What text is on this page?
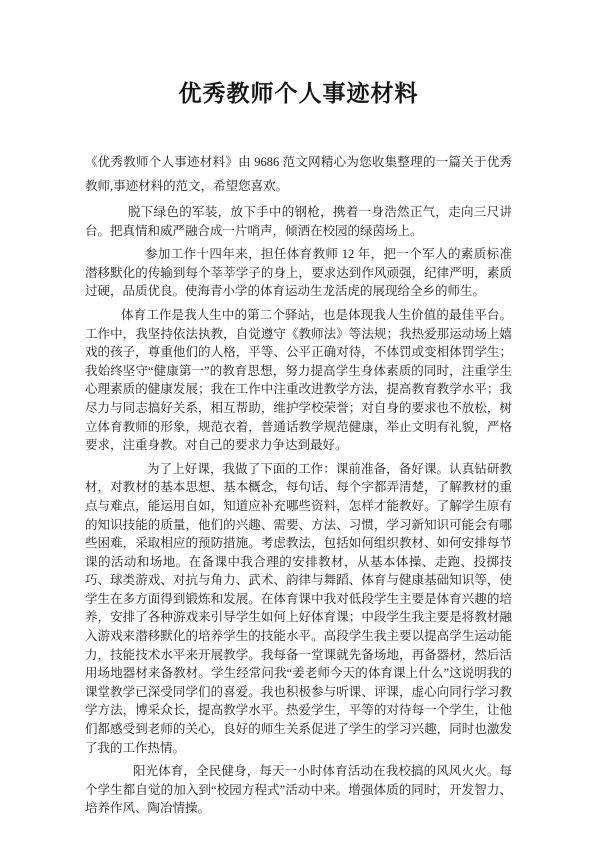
优秀教师个人事迹材料

《优秀教师个人事迹材料》由 9686 范文网精心为您收集整理的一篇关于优秀教师,事迹材料的范文，希望您喜欢。

脱下绿色的军装，放下手中的钢枪，携着一身浩然正气，走向三尺讲台。把真情和威严融合成一片哨声，倾洒在校园的绿茵场上。

参加工作十四年来，担任体育教师 12 年，把一个军人的素质标准潜移默化的传输到每个莘莘学子的身上，要求达到作风顽强，纪律严明，素质过硬，品质优良。使海青小学的体育运动生龙活虎的展现给全乡的师生。

体育工作是我人生中的第二个驿站，也是体现我人生价值的最佳平台。工作中，我坚持依法执教，自觉遵守《教师法》等法规；我热爱那运动场上嬉戏的孩子，尊重他们的人格，平等、公平正确对待，不体罚或变相体罚学生；我始终坚守“健康第一”的教育思想，努力提高学生身体素质的同时，注重学生心理素质的健康发展；我在工作中注重改进教学方法，提高教育教学水平；我尽力与同志搞好关系，相互帮助，维护学校荣誉；对自身的要求也不放松，树立体育教师的形象，规范衣着，普通话教学规范健康，举止文明有礼貌，严格要求，注重身教。对自己的要求力争达到最好。

为了上好课，我做了下面的工作：课前准备，备好课。认真钻研教材，对教材的基本思想、基本概念，每句话、每个字都弄清楚，了解教材的重点与难点，能运用自如，知道应补充哪些资料，怎样才能教好。了解学生原有的知识技能的质量，他们的兴趣、需要、方法、习惯，学习新知识可能会有哪些困难，采取相应的预防措施。考虑教法，包括如何组织教材、如何安排每节课的活动和场地。在备课中我合理的安排教材，从基本体操、走跑、投掷技巧、球类游戏、对抗与角力、武术、韵律与舞蹈、体育与健康基础知识等，使学生在多方面得到锻炼和发展。在体育课中我对低段学生主要是体育兴趣的培养，安排了各种游戏来引导学生如何上好体育课；中段学生我主要是将教材融入游戏来潜移默化的培养学生的技能水平。高段学生我主要以提高学生运动能力，技能技术水平来开展教学。我每备一堂课就先备场地，再备器材，然后活用场地器材来备教材。学生经常问我“姜老师今天的体育课上什么”这说明我的课堂教学已深受同学们的喜爱。我也积极参与听课、评课，虚心向同行学习教学方法，博采众长，提高教学水平。热爱学生，平等的对待每一个学生，让他们都感受到老师的关心，良好的师生关系促进了学生的学习兴趣，同时也激发了我的工作热情。

阳光体育，全民健身，每天一小时体育活动在我校搞的风风火火。每个学生都自觉的加入到“校园方程式”活动中来。增强体质的同时，开发智力、培养作风、陶冶情操。
